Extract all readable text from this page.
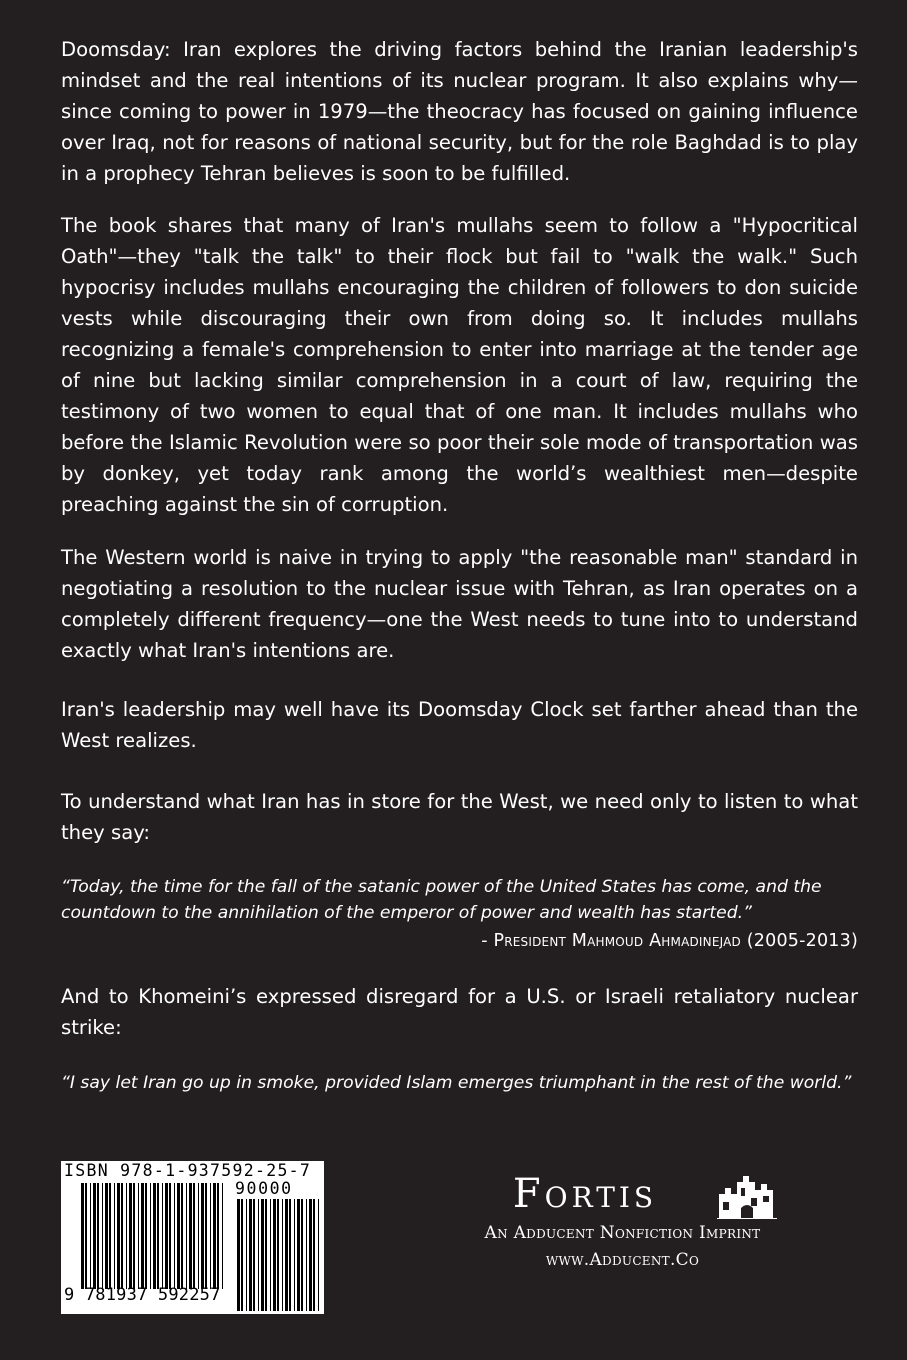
Doomsday: Iran explores the driving factors behind the Iranian leadership's mindset and the real intentions of its nuclear program. It also explains why—since coming to power in 1979—the theocracy has focused on gaining influence over Iraq, not for reasons of national security, but for the role Baghdad is to play in a prophecy Tehran believes is soon to be fulfilled.

The book shares that many of Iran's mullahs seem to follow a "Hypocritical Oath"—they "talk the talk" to their flock but fail to "walk the walk." Such hypocrisy includes mullahs encouraging the children of followers to don suicide vests while discouraging their own from doing so. It includes mullahs recognizing a female's comprehension to enter into marriage at the tender age of nine but lacking similar comprehension in a court of law, requiring the testimony of two women to equal that of one man. It includes mullahs who before the Islamic Revolution were so poor their sole mode of transportation was by donkey, yet today rank among the world’s wealthiest men—despite preaching against the sin of corruption.

The Western world is naive in trying to apply "the reasonable man" standard in negotiating a resolution to the nuclear issue with Tehran, as Iran operates on a completely different frequency—one the West needs to tune into to understand exactly what Iran's intentions are.

Iran's leadership may well have its Doomsday Clock set farther ahead than the West realizes.

To understand what Iran has in store for the West, we need only to listen to what they say:

“Today, the time for the fall of the satanic power of the United States has come, and the countdown to the annihilation of the emperor of power and wealth has started.”

- President Mahmoud Ahmadinejad (2005-2013)

And to Khomeini’s expressed disregard for a U.S. or Israeli retaliatory nuclear strike:

“I say let Iran go up in smoke, provided Islam emerges triumphant in the rest of the world.”

ISBN 978-1-937592-25-7
90000
9 781937 592257
Fortis
An Adducent Nonfiction Imprint
www.Adducent.Co
